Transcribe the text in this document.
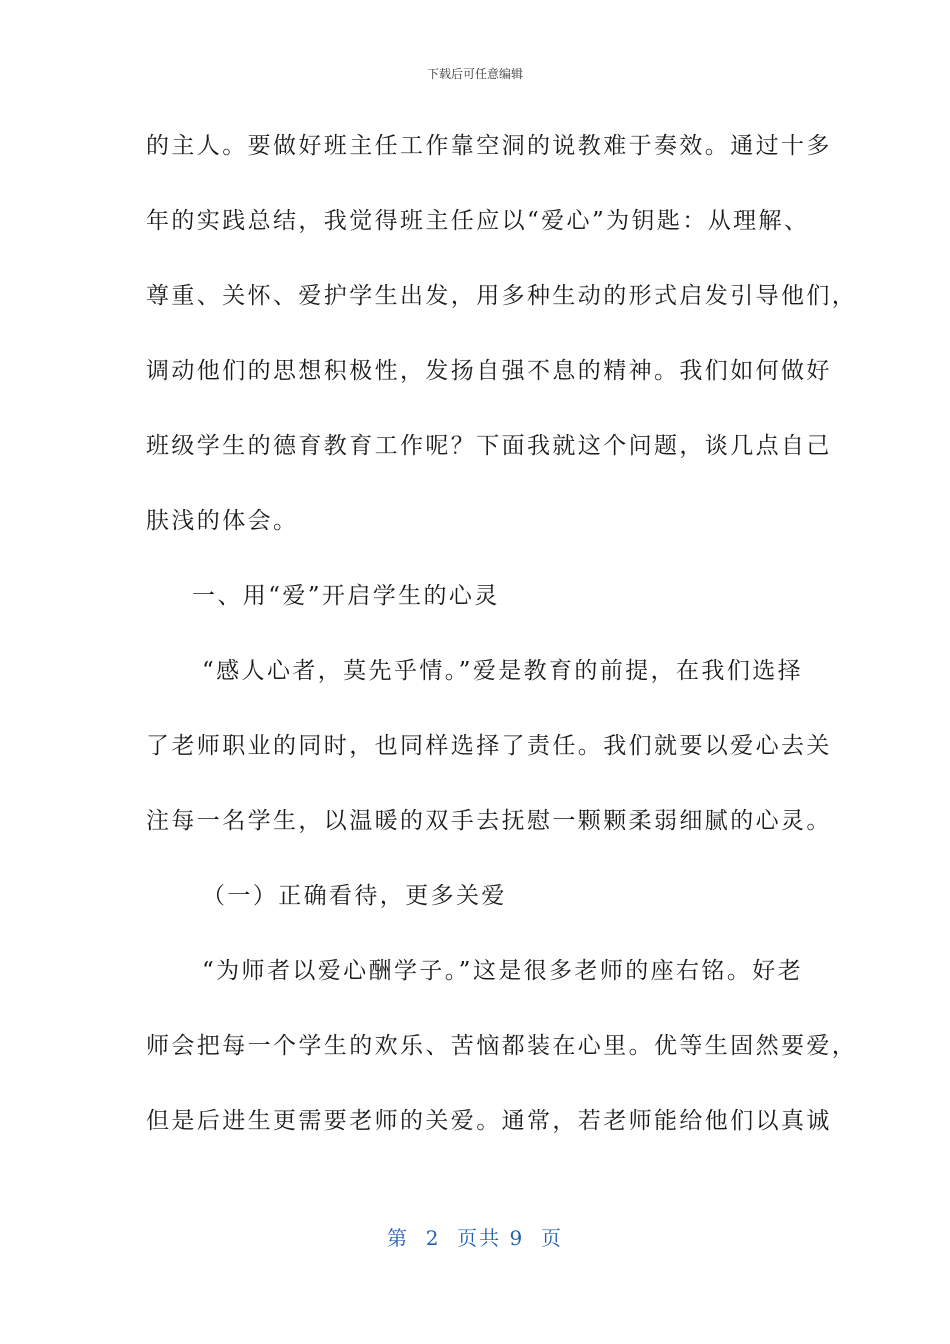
下载后可任意编辑
的主人。要做好班主任工作靠空洞的说教难于奏效。通过十多
年的实践总结，我觉得班主任应以“爱心”为钥匙：从理解、
尊重、关怀、爱护学生出发，用多种生动的形式启发引导他们，
调动他们的思想积极性，发扬自强不息的精神。我们如何做好
班级学生的德育教育工作呢？下面我就这个问题，谈几点自己
肤浅的体会。
一、用“爱”开启学生的心灵
“感人心者，莫先乎情。”爱是教育的前提，在我们选择
了老师职业的同时，也同样选择了责任。我们就要以爱心去关
注每一名学生，以温暖的双手去抚慰一颗颗柔弱细腻的心灵。
（一）正确看待，更多关爱
“为师者以爱心酬学子。”这是很多老师的座右铭。好老
师会把每一个学生的欢乐、苦恼都装在心里。优等生固然要爱，
但是后进生更需要老师的关爱。通常，若老师能给他们以真诚
第  2  页共 9  页
